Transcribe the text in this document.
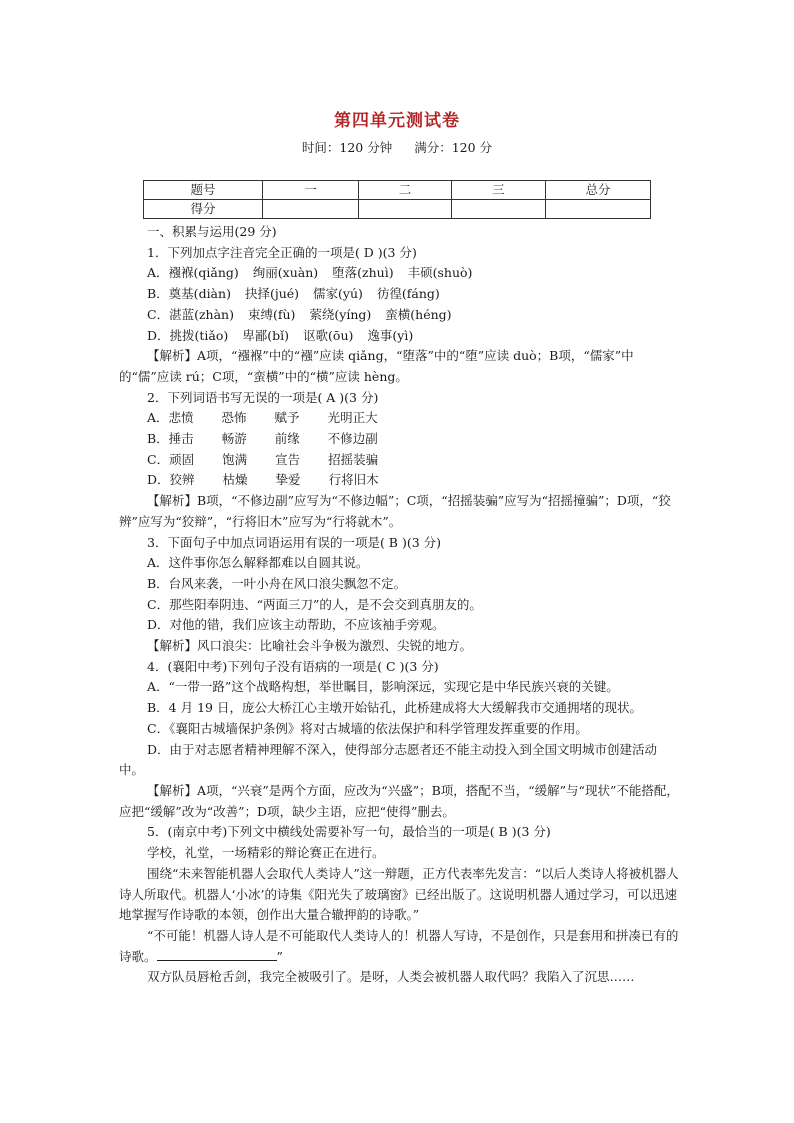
第四单元测试卷
时间：120 分钟 满分：120 分
题号	一	二	三	总分
得分				

一、积累与运用(29 分)

1．下列加点字注音完全正确的一项是( D )(3 分)

A．襁褓(qiǎng) 绚丽(xuàn) 堕落(zhuì) 丰硕(shuò)

B．奠基(diàn) 抉择(jué) 儒家(yú) 彷徨(fáng)

C．湛蓝(zhàn) 束缚(fù) 萦绕(yíng) 蛮横(héng)

D．挑拨(tiǎo) 卑鄙(bǐ) 讴歌(ōu) 逸事(yì)

【解析】A项，“襁褓”中的“襁”应读 qiǎng，“堕落”中的“堕”应读 duò；B项，“儒家”中的“儒”应读 rú；C项，“蛮横”中的“横”应读 hèng。

2．下列词语书写无误的一项是( A )(3 分)

A．悲愤 恐怖 赋予 光明正大

B．捶击 畅游 前缘 不修边副

C．顽固 饱满 宣告 招摇装骗

D．狡辨 枯燥 挚爱 行将旧木

【解析】B项，“不修边副”应写为“不修边幅”；C项，“招摇装骗”应写为“招摇撞骗”；D项，“狡辨”应写为“狡辩”，“行将旧木”应写为“行将就木”。

3．下面句子中加点词语运用有误的一项是( B )(3 分)

A．这件事你怎么解释都难以自圆其说。

B．台风来袭，一叶小舟在风口浪尖飘忽不定。

C．那些阳奉阴违、“两面三刀”的人，是不会交到真朋友的。

D．对他的错，我们应该主动帮助，不应该袖手旁观。

【解析】风口浪尖：比喻社会斗争极为激烈、尖锐的地方。

4．(襄阳中考)下列句子没有语病的一项是( C )(3 分)

A．“一带一路”这个战略构想，举世瞩目，影响深远，实现它是中华民族兴衰的关键。

B．4 月 19 日，庞公大桥江心主墩开始钻孔，此桥建成将大大缓解我市交通拥堵的现状。

C．《襄阳古城墙保护条例》将对古城墙的依法保护和科学管理发挥重要的作用。

D．由于对志愿者精神理解不深入，使得部分志愿者还不能主动投入到全国文明城市创建活动中。

【解析】A项，“兴衰”是两个方面，应改为“兴盛”；B项，搭配不当，“缓解”与“现状”不能搭配，应把“缓解”改为“改善”；D项，缺少主语，应把“使得”删去。

5．(南京中考)下列文中横线处需要补写一句，最恰当的一项是( B )(3 分)

学校，礼堂，一场精彩的辩论赛正在进行。

围绕“未来智能机器人会取代人类诗人”这一辩题，正方代表率先发言：“以后人类诗人将被机器人诗人所取代。机器人‘小冰’的诗集《阳光失了玻璃窗》已经出版了。这说明机器人通过学习，可以迅速地掌握写作诗歌的本领，创作出大量合辙押韵的诗歌。”

“不可能！机器人诗人是不可能取代人类诗人的！机器人写诗，不是创作，只是套用和拼凑已有的诗歌。	”

双方队员唇枪舌剑，我完全被吸引了。是呀，人类会被机器人取代吗？我陷入了沉思……
